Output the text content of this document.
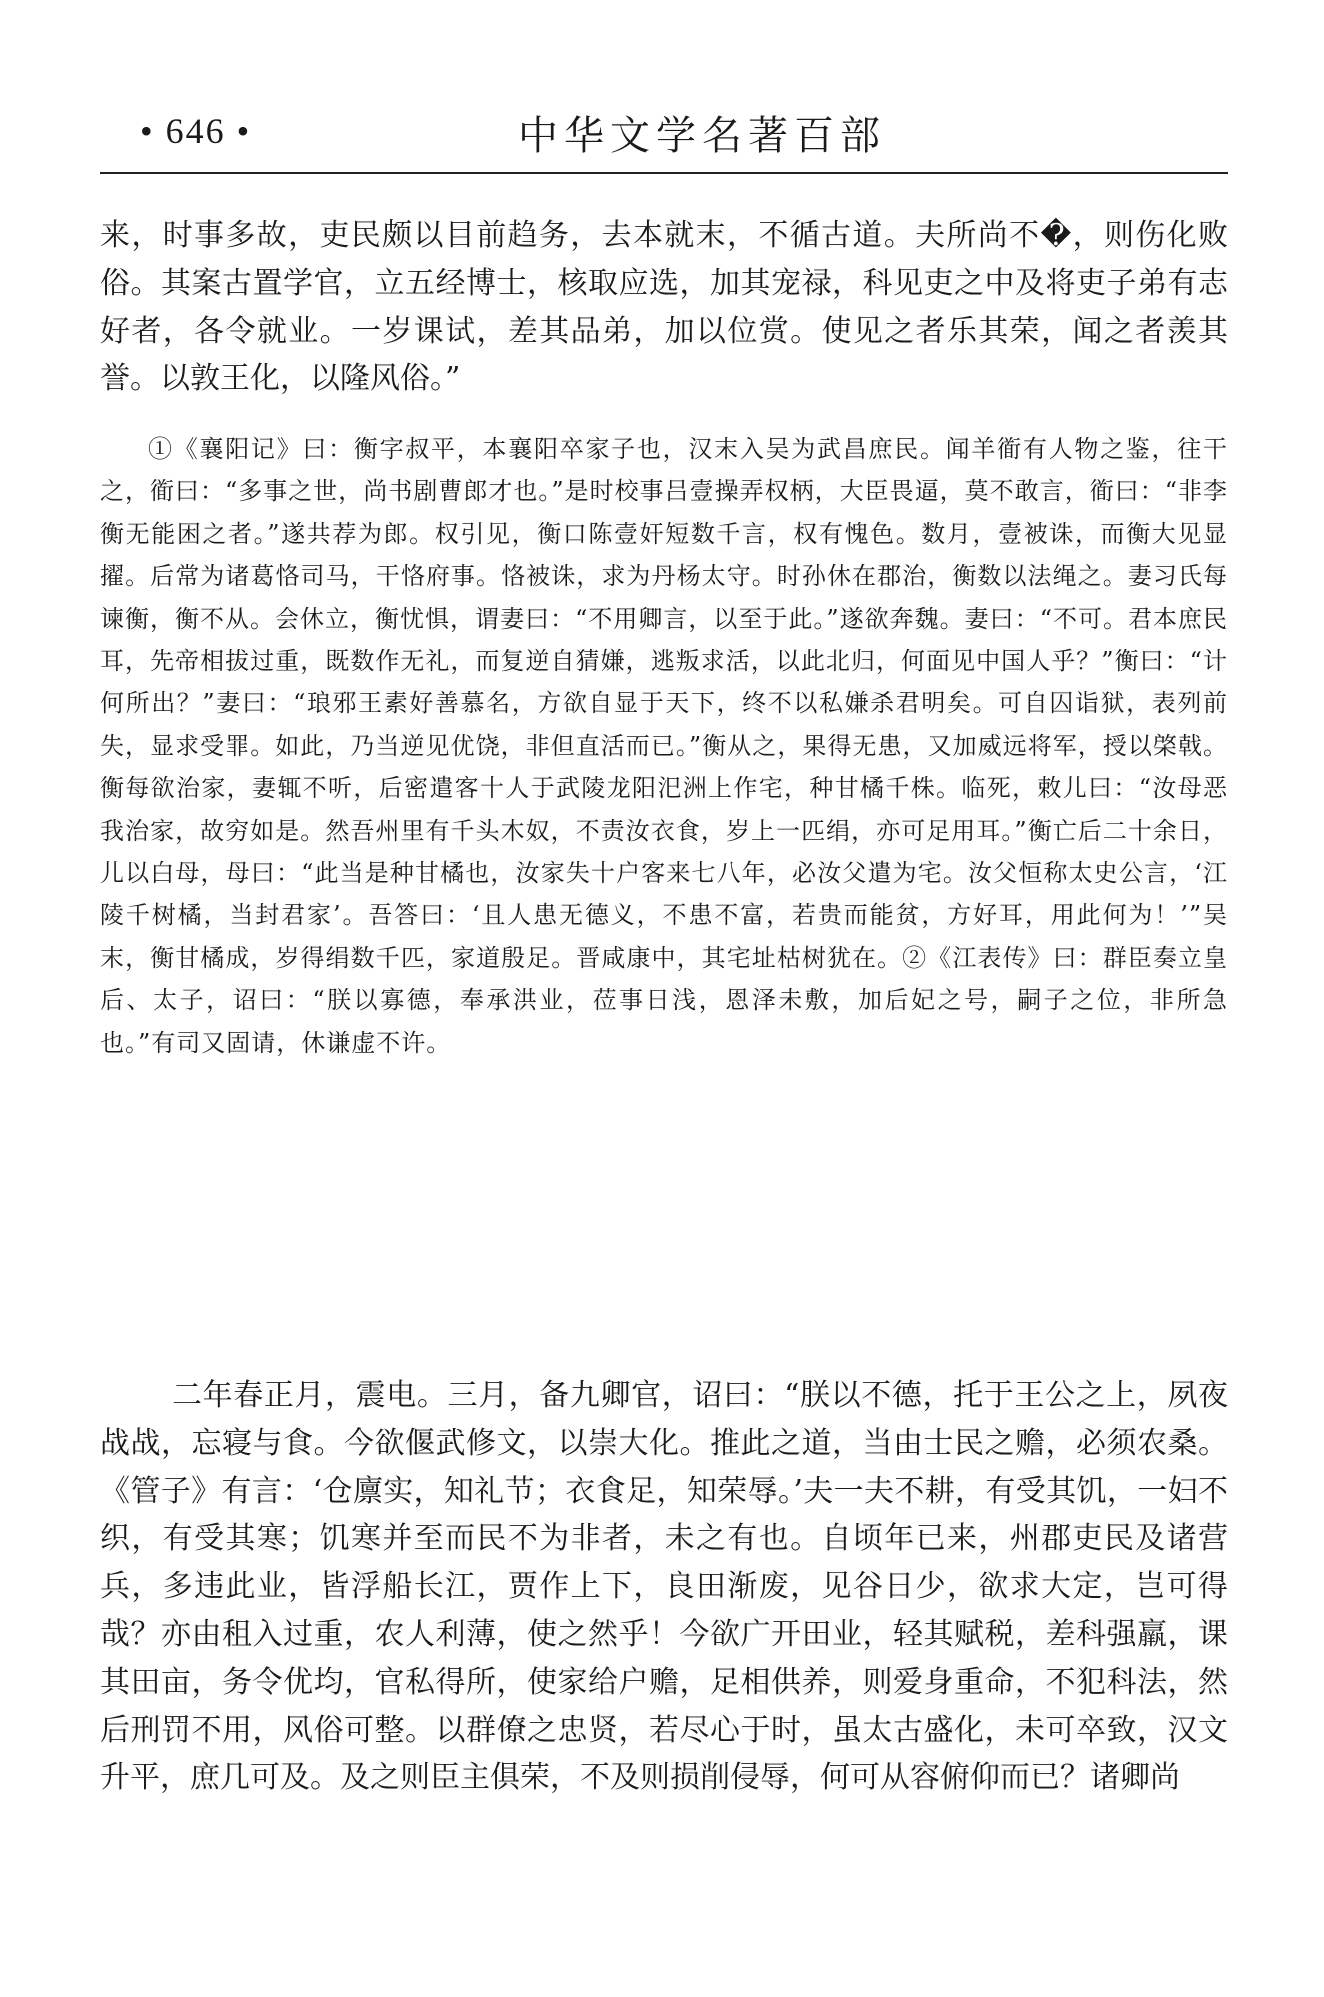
• 646 •	中华文学名著百部
来，时事多故，吏民颇以目前趋务，去本就末，不循古道。夫所尚不�，则伤化败俗。其案古置学官，立五经博士，核取应选，加其宠禄，科见吏之中及将吏子弟有志好者，各令就业。一岁课试，差其品弟，加以位赏。使见之者乐其荣，闻之者羡其誉。以敦王化，以隆风俗。”
①《襄阳记》曰：衡字叔平，本襄阳卒家子也，汉末入吴为武昌庶民。闻羊衜有人物之鉴，往干之，衜曰：“多事之世，尚书剧曹郎才也。”是时校事吕壹操弄权柄，大臣畏逼，莫不敢言，衜曰：“非李衡无能困之者。”遂共荐为郎。权引见，衡口陈壹奸短数千言，权有愧色。数月，壹被诛，而衡大见显擢。后常为诸葛恪司马，干恪府事。恪被诛，求为丹杨太守。时孙休在郡治，衡数以法绳之。妻习氏每谏衡，衡不从。会休立，衡忧惧，谓妻曰：“不用卿言，以至于此。”遂欲奔魏。妻曰：“不可。君本庶民耳，先帝相拔过重，既数作无礼，而复逆自猜嫌，逃叛求活，以此北归，何面见中国人乎？”衡曰：“计何所出？”妻曰：“琅邪王素好善慕名，方欲自显于天下，终不以私嫌杀君明矣。可自囚诣狱，表列前失，显求受罪。如此，乃当逆见优饶，非但直活而已。”衡从之，果得无患，又加威远将军，授以棨戟。衡每欲治家，妻辄不听，后密遣客十人于武陵龙阳汜洲上作宅，种甘橘千株。临死，敕儿曰：“汝母恶我治家，故穷如是。然吾州里有千头木奴，不责汝衣食，岁上一匹绢，亦可足用耳。”衡亡后二十余日，儿以白母，母曰：“此当是种甘橘也，汝家失十户客来七八年，必汝父遣为宅。汝父恒称太史公言，‘江陵千树橘，当封君家’。吾答曰：‘且人患无德义，不患不富，若贵而能贫，方好耳，用此何为！’”吴末，衡甘橘成，岁得绢数千匹，家道殷足。晋咸康中，其宅址枯树犹在。②《江表传》曰：群臣奏立皇后、太子，诏曰：“朕以寡德，奉承洪业，莅事日浅，恩泽未敷，加后妃之号，嗣子之位，非所急也。”有司又固请，休谦虚不许。
二年春正月，震电。三月，备九卿官，诏曰：“朕以不德，托于王公之上，夙夜战战，忘寝与食。今欲偃武修文，以崇大化。推此之道，当由士民之赡，必须农桑。《管子》有言：‘仓廪实，知礼节；衣食足，知荣辱。’夫一夫不耕，有受其饥，一妇不织，有受其寒；饥寒并至而民不为非者，未之有也。自顷年已来，州郡吏民及诸营兵，多违此业，皆浮船长江，贾作上下，良田渐废，见谷日少，欲求大定，岂可得哉？亦由租入过重，农人利薄，使之然乎！今欲广开田业，轻其赋税，差科强羸，课其田亩，务令优均，官私得所，使家给户赡，足相供养，则爱身重命，不犯科法，然后刑罚不用，风俗可整。以群僚之忠贤，若尽心于时，虽太古盛化，未可卒致，汉文升平，庶几可及。及之则臣主俱荣，不及则损削侵辱，何可从容俯仰而已？诸卿尚
